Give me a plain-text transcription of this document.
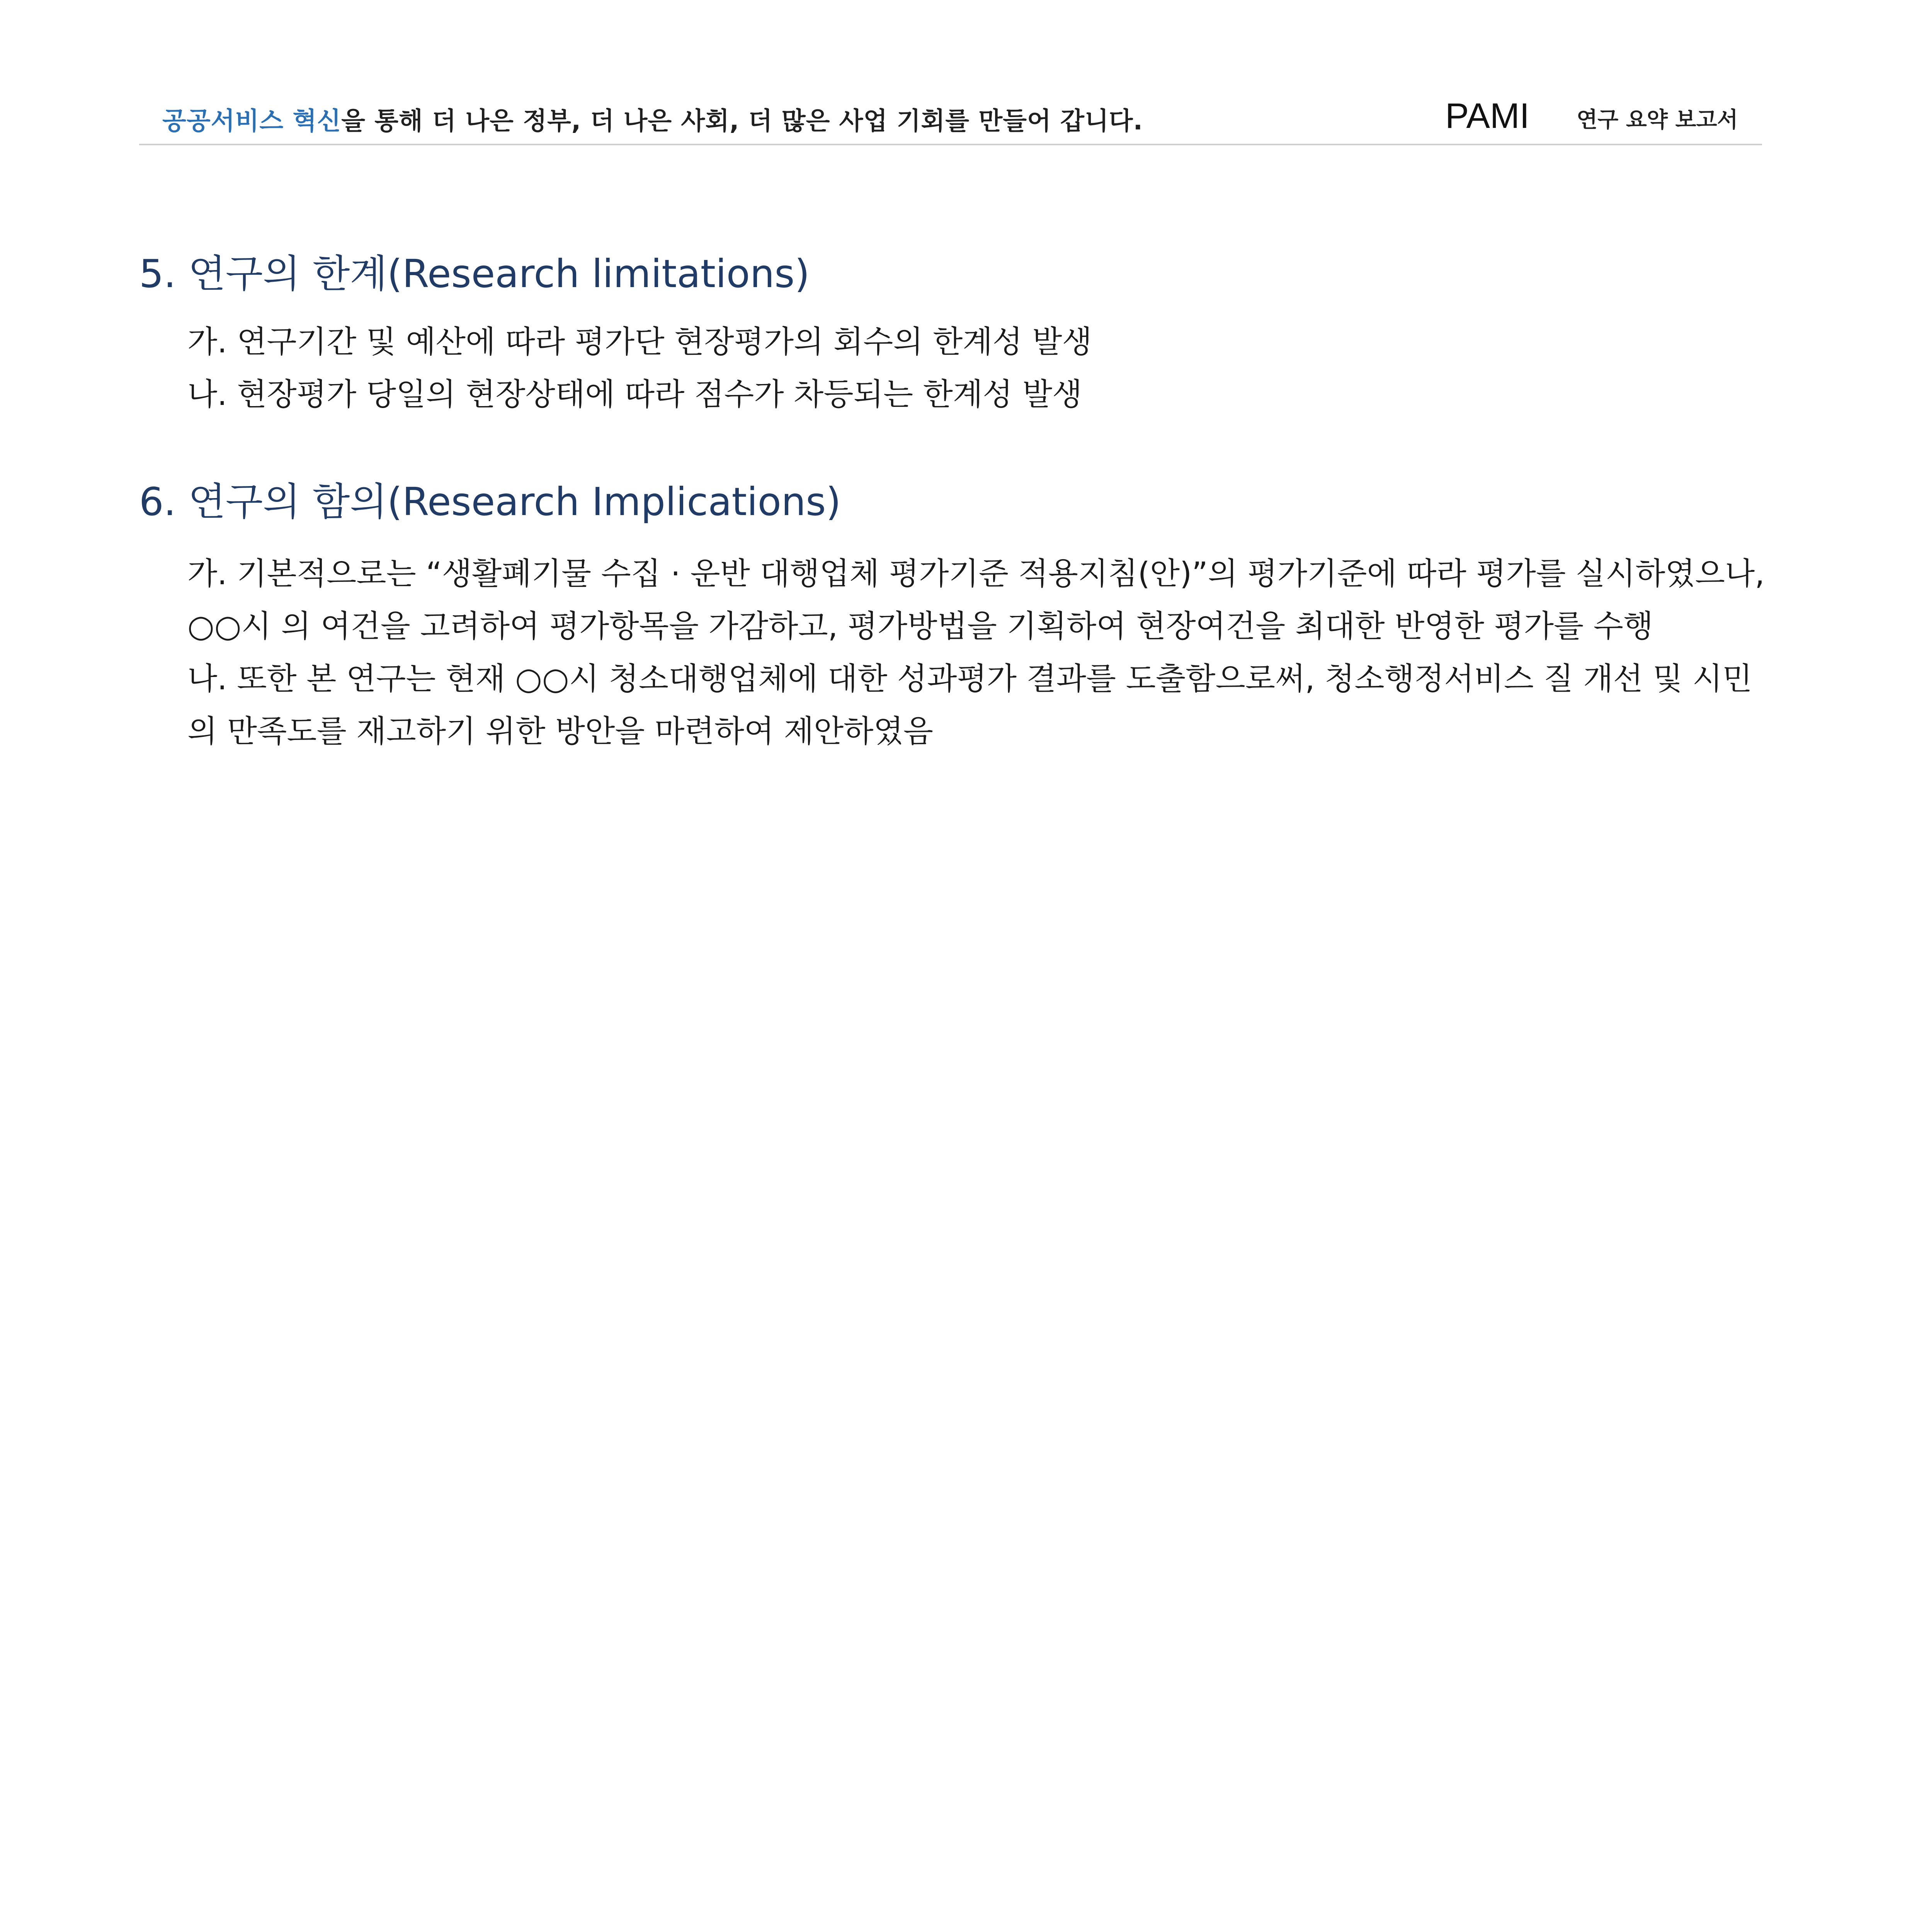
공공서비스 혁신을 통해 더 나은 정부, 더 나은 사회, 더 많은 사업 기회를 만들어 갑니다.	PAMI 연구 요약 보고서
5. 연구의 한계(Research limitations)
가. 연구기간 및 예산에 따라 평가단 현장평가의 회수의 한계성 발생
나. 현장평가 당일의 현장상태에 따라 점수가 차등되는 한계성 발생
6. 연구의 함의(Research Implications)
가. 기본적으로는 “생활폐기물 수집 · 운반 대행업체 평가기준 적용지침(안)”의 평가기준에 따라 평가를 실시하였으나,
○○시 의 여건을 고려하여 평가항목을 가감하고, 평가방법을 기획하여 현장여건을 최대한 반영한 평가를 수행
나. 또한 본 연구는 현재 ○○시 청소대행업체에 대한 성과평가 결과를 도출함으로써, 청소행정서비스 질 개선 및 시민
의 만족도를 재고하기 위한 방안을 마련하여 제안하였음
